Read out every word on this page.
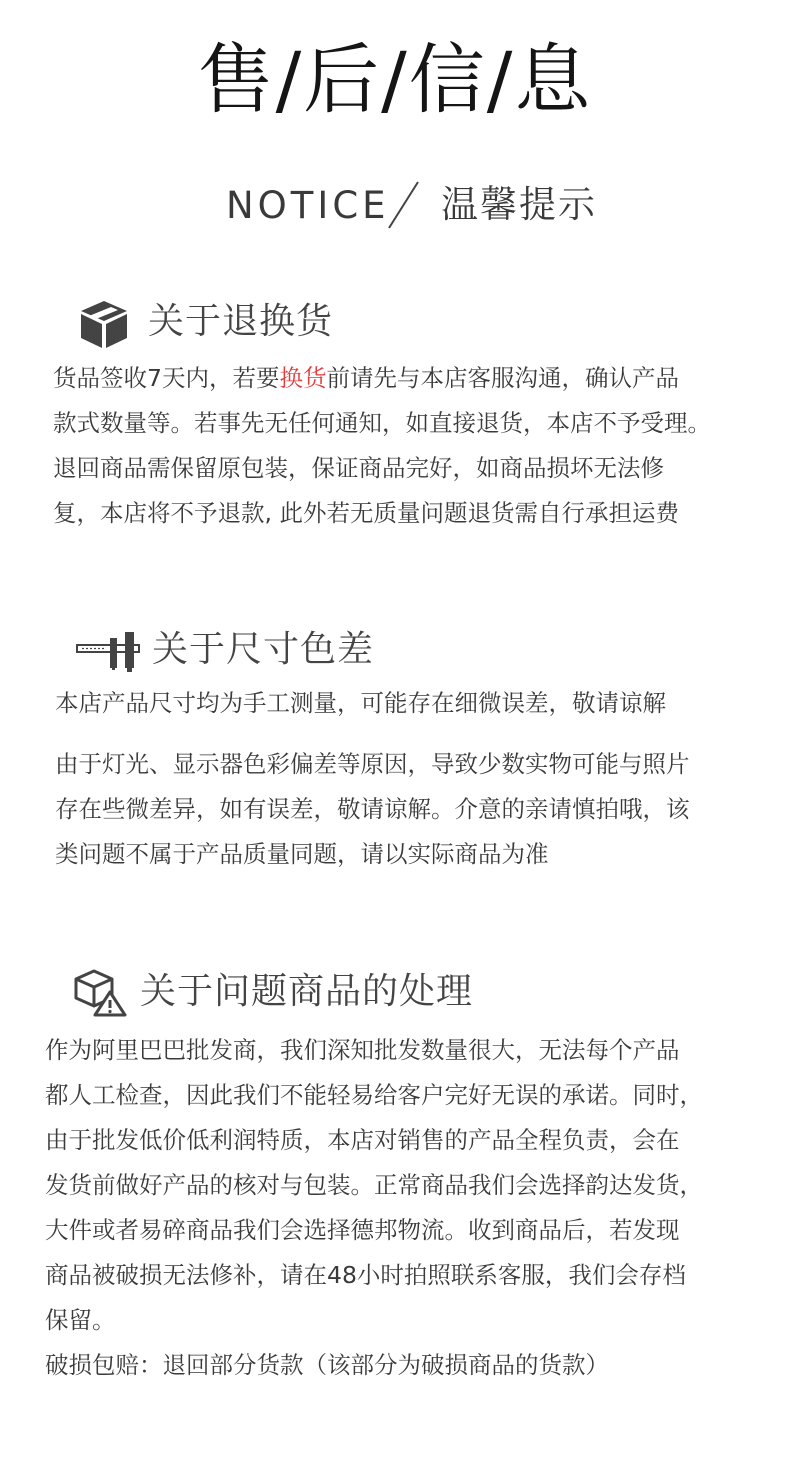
售/后/信/息
NOTICE 温馨提示
关于退换货
货品签收7天内，若要换货前请先与本店客服沟通，确认产品
款式数量等。若事先无任何通知，如直接退货，本店不予受理。
退回商品需保留原包装，保证商品完好，如商品损坏无法修
复，本店将不予退款, 此外若无质量问题退货需自行承担运费
关于尺寸色差
本店产品尺寸均为手工测量，可能存在细微误差，敬请谅解
由于灯光、显示器色彩偏差等原因，导致少数实物可能与照片
存在些微差异，如有误差，敬请谅解。介意的亲请慎拍哦，该
类问题不属于产品质量同题，请以实际商品为准
关于问题商品的处理
作为阿里巴巴批发商，我们深知批发数量很大，无法每个产品
都人工检查，因此我们不能轻易给客户完好无误的承诺。同时，
由于批发低价低利润特质，本店对销售的产品全程负责，会在
发货前做好产品的核对与包装。正常商品我们会选择韵达发货，
大件或者易碎商品我们会选择德邦物流。收到商品后，若发现
商品被破损无法修补，请在48小时拍照联系客服，我们会存档
保留。
破损包赔：退回部分货款（该部分为破损商品的货款）
